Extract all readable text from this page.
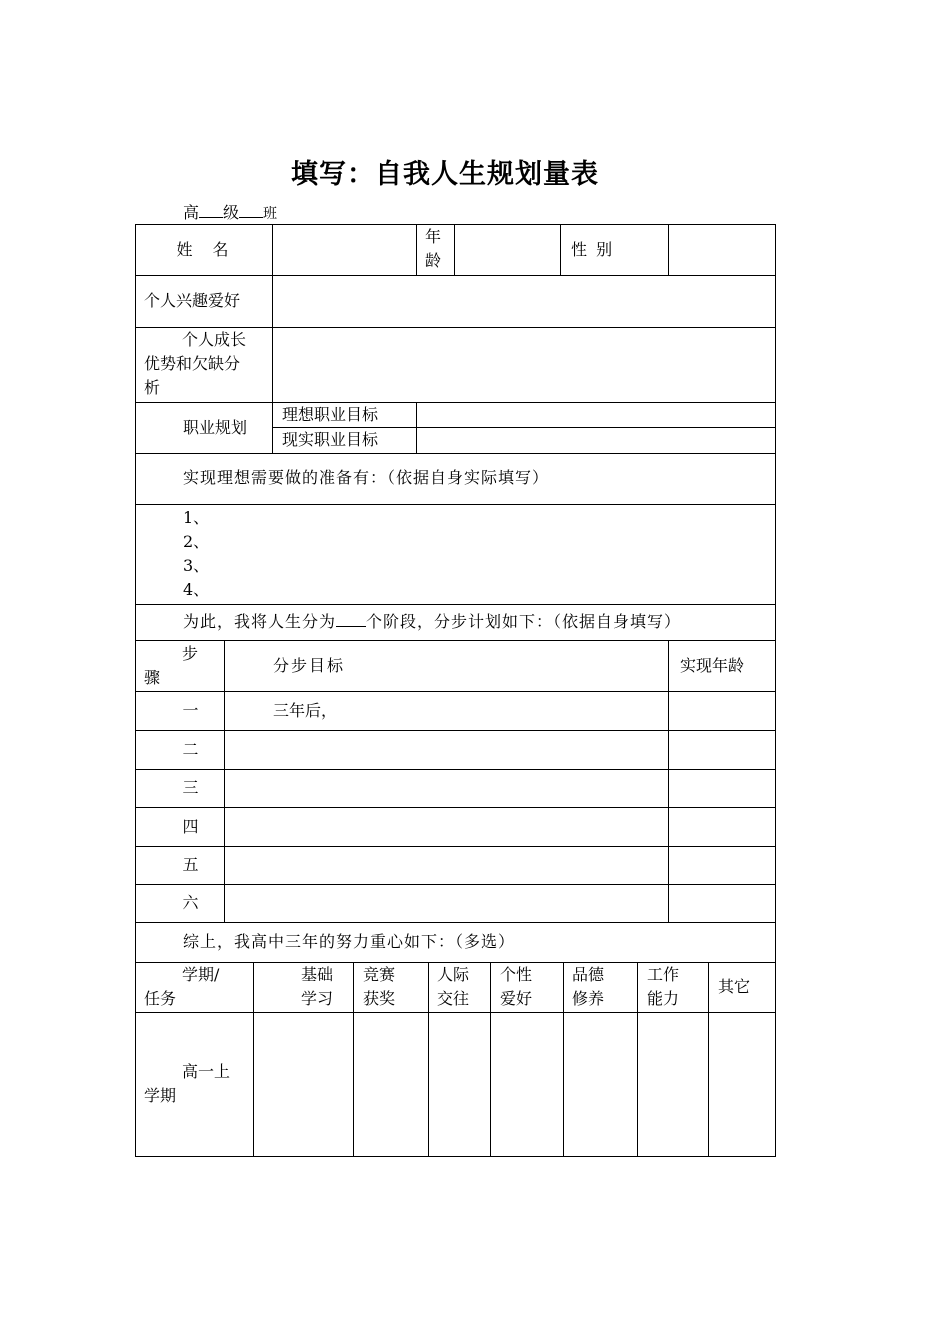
填写：自我人生规划量表
高 级 班
姓　名
年
龄
性 别
个人兴趣爱好
个人成长
优势和欠缺分
析
职业规划
理想职业目标
现实职业目标
实现理想需要做的准备有：（依据自身实际填写）
1、
2、
3、
4、
为此，我将人生分为 个阶段，分步计划如下：（依据自身填写）
步
骤
分步目标	实现年龄
一	三年后，
二
三
四
五
六
综上，我高中三年的努力重心如下：（多选）
学期/
任务
基础
学习
竞赛
获奖
人际
交往
个性
爱好
品德
修养
工作
能力
其它
高一上
学期
